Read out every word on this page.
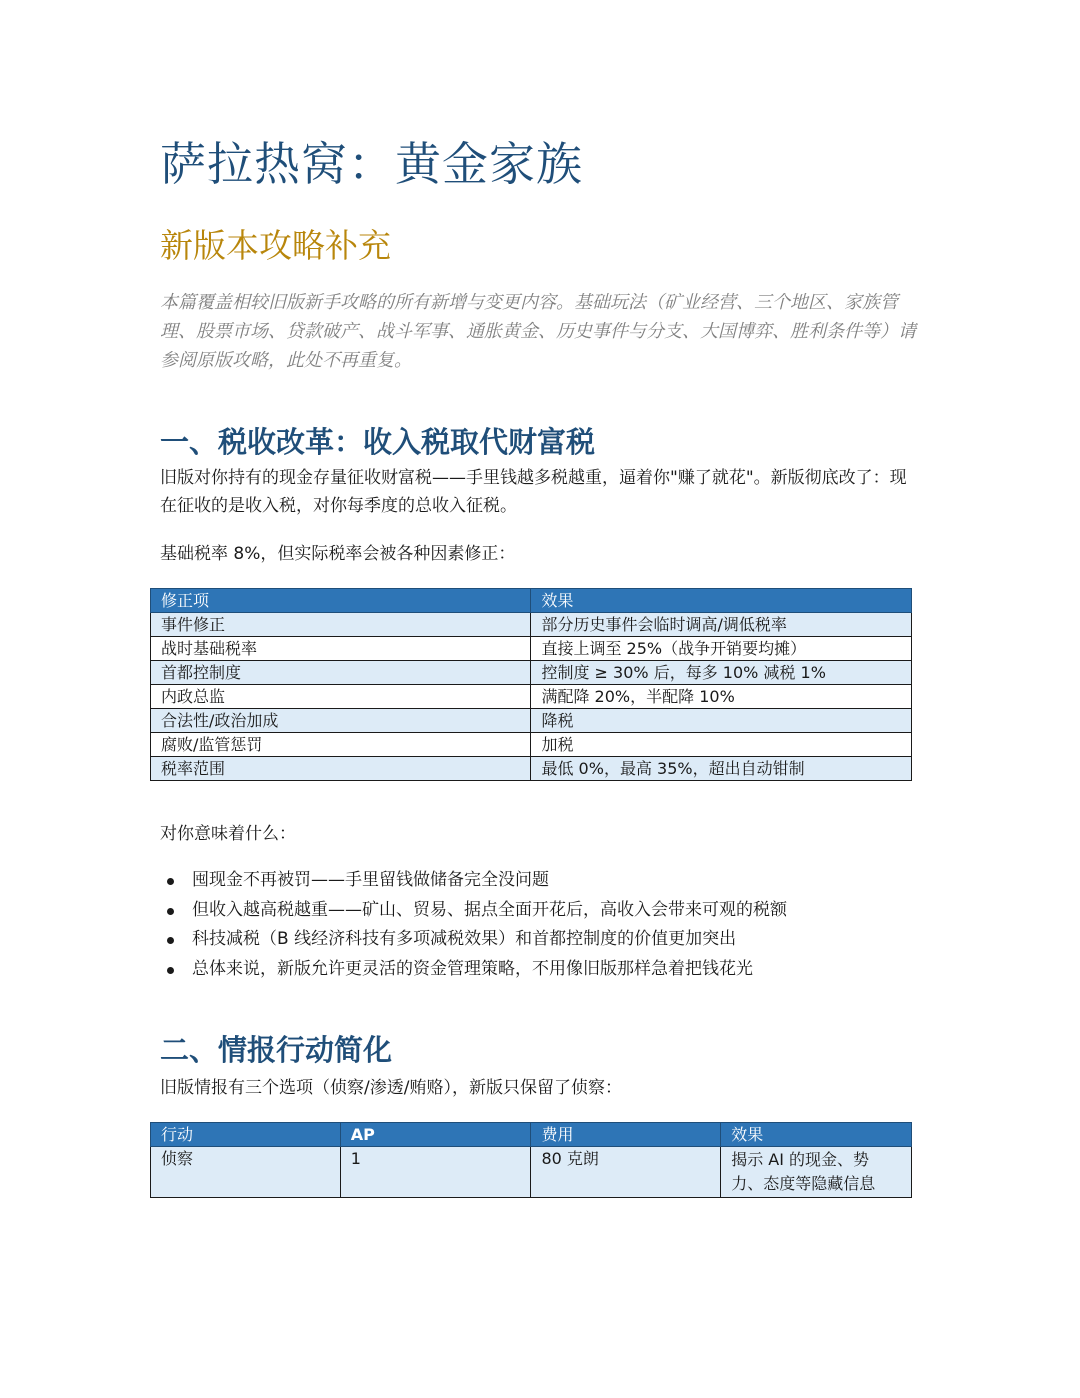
萨拉热窝：黄金家族
新版本攻略补充

本篇覆盖相较旧版新手攻略的所有新增与变更内容。基础玩法（矿业经营、三个地区、家族管理、股票市场、贷款破产、战斗军事、通胀黄金、历史事件与分支、大国博弈、胜利条件等）请参阅原版攻略，此处不再重复。

一、税收改革：收入税取代财富税

旧版对你持有的现金存量征收财富税——手里钱越多税越重，逼着你"赚了就花"。新版彻底改了：现在征收的是收入税，对你每季度的总收入征税。

基础税率 8%，但实际税率会被各种因素修正：

修正项	效果
事件修正	部分历史事件会临时调高/调低税率
战时基础税率	直接上调至 25%（战争开销要均摊）
首都控制度	控制度 ≥ 30% 后，每多 10% 减税 1%
内政总监	满配降 20%，半配降 10%
合法性/政治加成	降税
腐败/监管惩罚	加税
税率范围	最低 0%，最高 35%，超出自动钳制

对你意味着什么：

囤现金不再被罚——手里留钱做储备完全没问题
但收入越高税越重——矿山、贸易、据点全面开花后，高收入会带来可观的税额
科技减税（B 线经济科技有多项减税效果）和首都控制度的价值更加突出
总体来说，新版允许更灵活的资金管理策略，不用像旧版那样急着把钱花光
二、情报行动简化

旧版情报有三个选项（侦察/渗透/贿赂），新版只保留了侦察：

行动	AP	费用	效果
侦察	1	80 克朗	揭示 AI 的现金、势力、态度等隐藏信息
